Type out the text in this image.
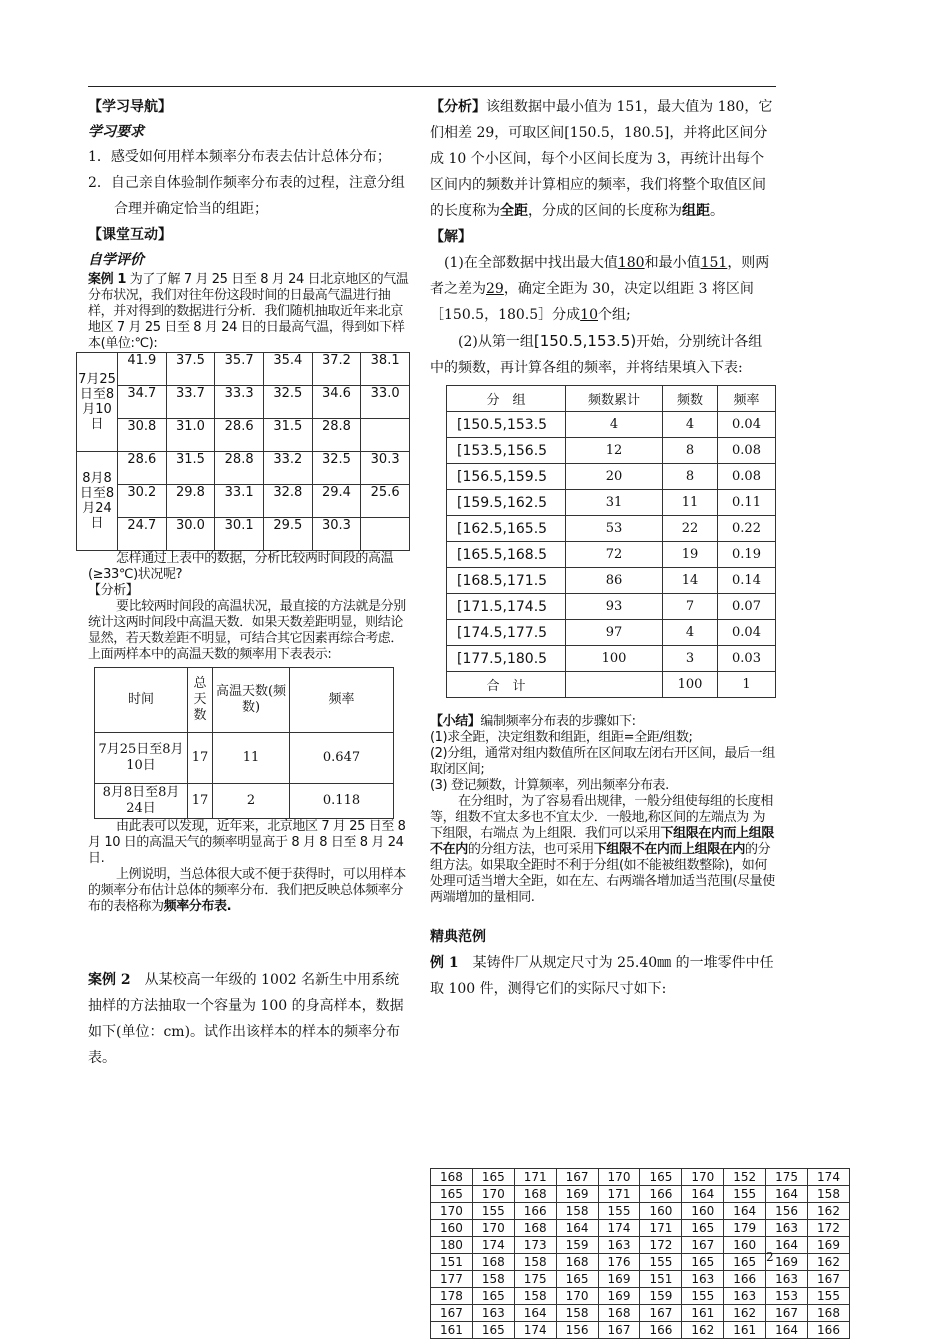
【学习导航】

学习要求

1．感受如何用样本频率分布表去估计总体分布；

2．自己亲自体验制作频率分布表的过程，注意分组合理并确定恰当的组距；

【课堂互动】

自学评价

案例 1 为了了解 7 月 25 日至 8 月 24 日北京地区的气温分布状况，我们对往年份这段时间的日最高气温进行抽样，并对得到的数据进行分析．我们随机抽取近年来北京地区 7 月 25 日至 8 月 24 日的日最高气温，得到如下样本(单位:℃):

7月25日至8月10日	41.9	37.5	35.7	35.4	37.2	38.1
	34.7	33.7	33.3	32.5	34.6	33.0
	30.8	31.0	28.6	31.5	28.8	
8月8日至8月24日	28.6	31.5	28.8	33.2	32.5	30.3
	30.2	29.8	33.1	32.8	29.4	25.6
	24.7	30.0	30.1	29.5	30.3	

怎样通过上表中的数据，分析比较两时间段的高温(≥33℃)状况呢?

【分析】

要比较两时间段的高温状况，最直接的方法就是分别统计这两时间段中高温天数．如果天数差距明显，则结论显然，若天数差距不明显，可结合其它因素再综合考虑．上面两样本中的高温天数的频率用下表表示:

时间	总天数	高温天数(频数)	频率
7月25日至8月10日	17	11	0.647
8月8日至8月24日	17	2	0.118

由此表可以发现，近年来，北京地区 7 月 25 日至 8 月 10 日的高温天气的频率明显高于 8 月 8 日至 8 月 24 日.

上例说明，当总体很大或不便于获得时，可以用样本的频率分布估计总体的频率分布．我们把反映总体频率分布的表格称为频率分布表.

案例 2　 从某校高一年级的 1002 名新生中用系统抽样的方法抽取一个容量为 100 的身高样本，数据如下(单位：cm)。试作出该样本的样本的频率分布表。

【分析】该组数据中最小值为 151，最大值为 180，它们相差 29，可取区间[150.5，180.5]，并将此区间分成 10 个小区间，每个小区间长度为 3，再统计出每个区间内的频数并计算相应的频率，我们将整个取值区间的长度称为全距，分成的区间的长度称为组距。

【解】

(1)在全部数据中找出最大值180和最小值151，则两者之差为29，确定全距为 30，决定以组距 3 将区间［150.5，180.5］分成10个组;

(2)从第一组[150.5,153.5)开始，分别统计各组中的频数，再计算各组的频率，并将结果填入下表:

分　组	频数累计	频数	频率
[150.5,153.5	4	4	0.04
[153.5,156.5	12	8	0.08
[156.5,159.5	20	8	0.08
[159.5,162.5	31	11	0.11
[162.5,165.5	53	22	0.22
[165.5,168.5	72	19	0.19
[168.5,171.5	86	14	0.14
[171.5,174.5	93	7	0.07
[174.5,177.5	97	4	0.04
[177.5,180.5	100	3	0.03
合　计		100	1

【小结】编制频率分布表的步骤如下:

(1)求全距，决定组数和组距，组距=全距/组数;

(2)分组，通常对组内数值所在区间取左闭右开区间，最后一组取闭区间;

(3) 登记频数，计算频率，列出频率分布表.

在分组时，为了容易看出规律，一般分组使每组的长度相等，组数不宜太多也不宜太少．一般地,称区间的左端点为 为下组限，右端点 为上组限．我们可以采用下组限在内而上组限不在内的分组方法，也可采用下组限不在内而上组限在内的分组方法。如果取全距时不利于分组(如不能被组数整除)，如何处理可适当增大全距，如在左、右两端各增加适当范围(尽量使两端增加的量相同.

精典范例

例 1　 某铸件厂从规定尺寸为 25.40㎜ 的一堆零件中任取 100 件，测得它们的实际尺寸如下:

168	165	171	167	170	165	170	152	175	174
165	170	168	169	171	166	164	155	164	158
170	155	166	158	155	160	160	164	156	162
160	170	168	164	174	171	165	179	163	172
180	174	173	159	163	172	167	160	164	169
151	168	158	168	176	155	165	165	169	162
177	158	175	165	169	151	163	166	163	167
178	165	158	170	169	159	155	163	153	155
167	163	164	158	168	167	161	162	167	168
161	165	174	156	167	166	162	161	164	166
2
